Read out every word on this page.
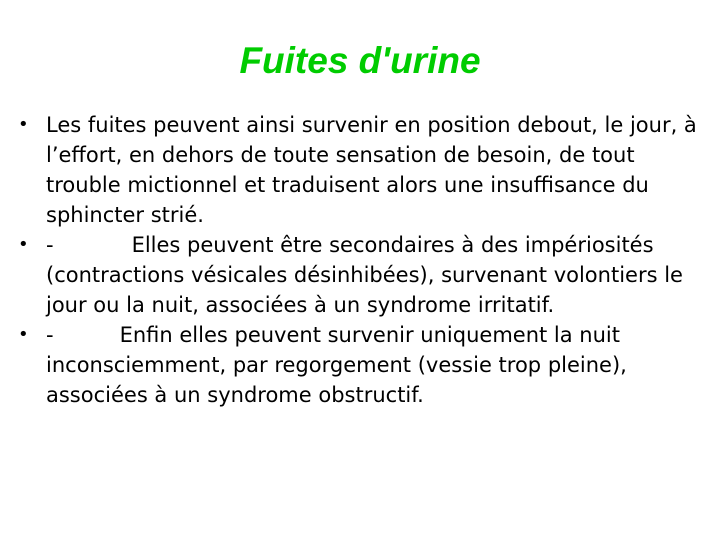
Fuites d'urine
• Les fuites peuvent ainsi survenir en position debout, le jour, à l’effort, en dehors de toute sensation de besoin, de tout trouble mictionnel et traduisent alors une insuffisance du sphincter strié.
• -	Elles peuvent être secondaires à des impériosités (contractions vésicales désinhibées), survenant volontiers le jour ou la nuit, associées à un syndrome irritatif.
• -	Enfin elles peuvent survenir uniquement la nuit inconsciemment, par regorgement (vessie trop pleine), associées à un syndrome obstructif.
